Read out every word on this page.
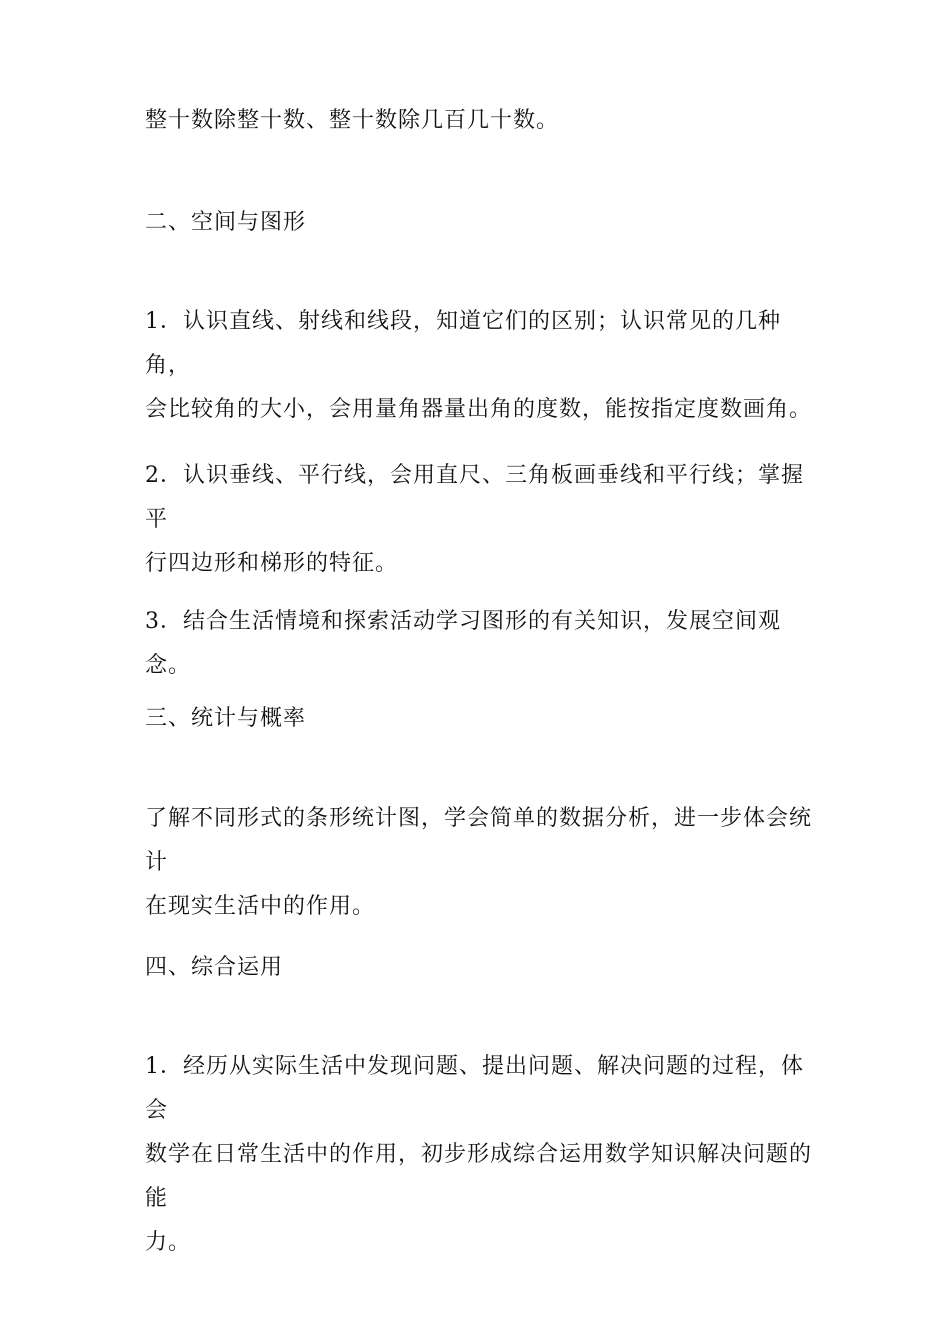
整十数除整十数、整十数除几百几十数。

二、空间与图形

1．认识直线、射线和线段，知道它们的区别；认识常见的几种角，
会比较角的大小，会用量角器量出角的度数，能按指定度数画角。

2．认识垂线、平行线，会用直尺、三角板画垂线和平行线；掌握平
行四边形和梯形的特征。

3．结合生活情境和探索活动学习图形的有关知识，发展空间观念。

三、统计与概率

了解不同形式的条形统计图，学会简单的数据分析，进一步体会统计
在现实生活中的作用。

四、综合运用

1．经历从实际生活中发现问题、提出问题、解决问题的过程，体会
数学在日常生活中的作用，初步形成综合运用数学知识解决问题的能
力。
